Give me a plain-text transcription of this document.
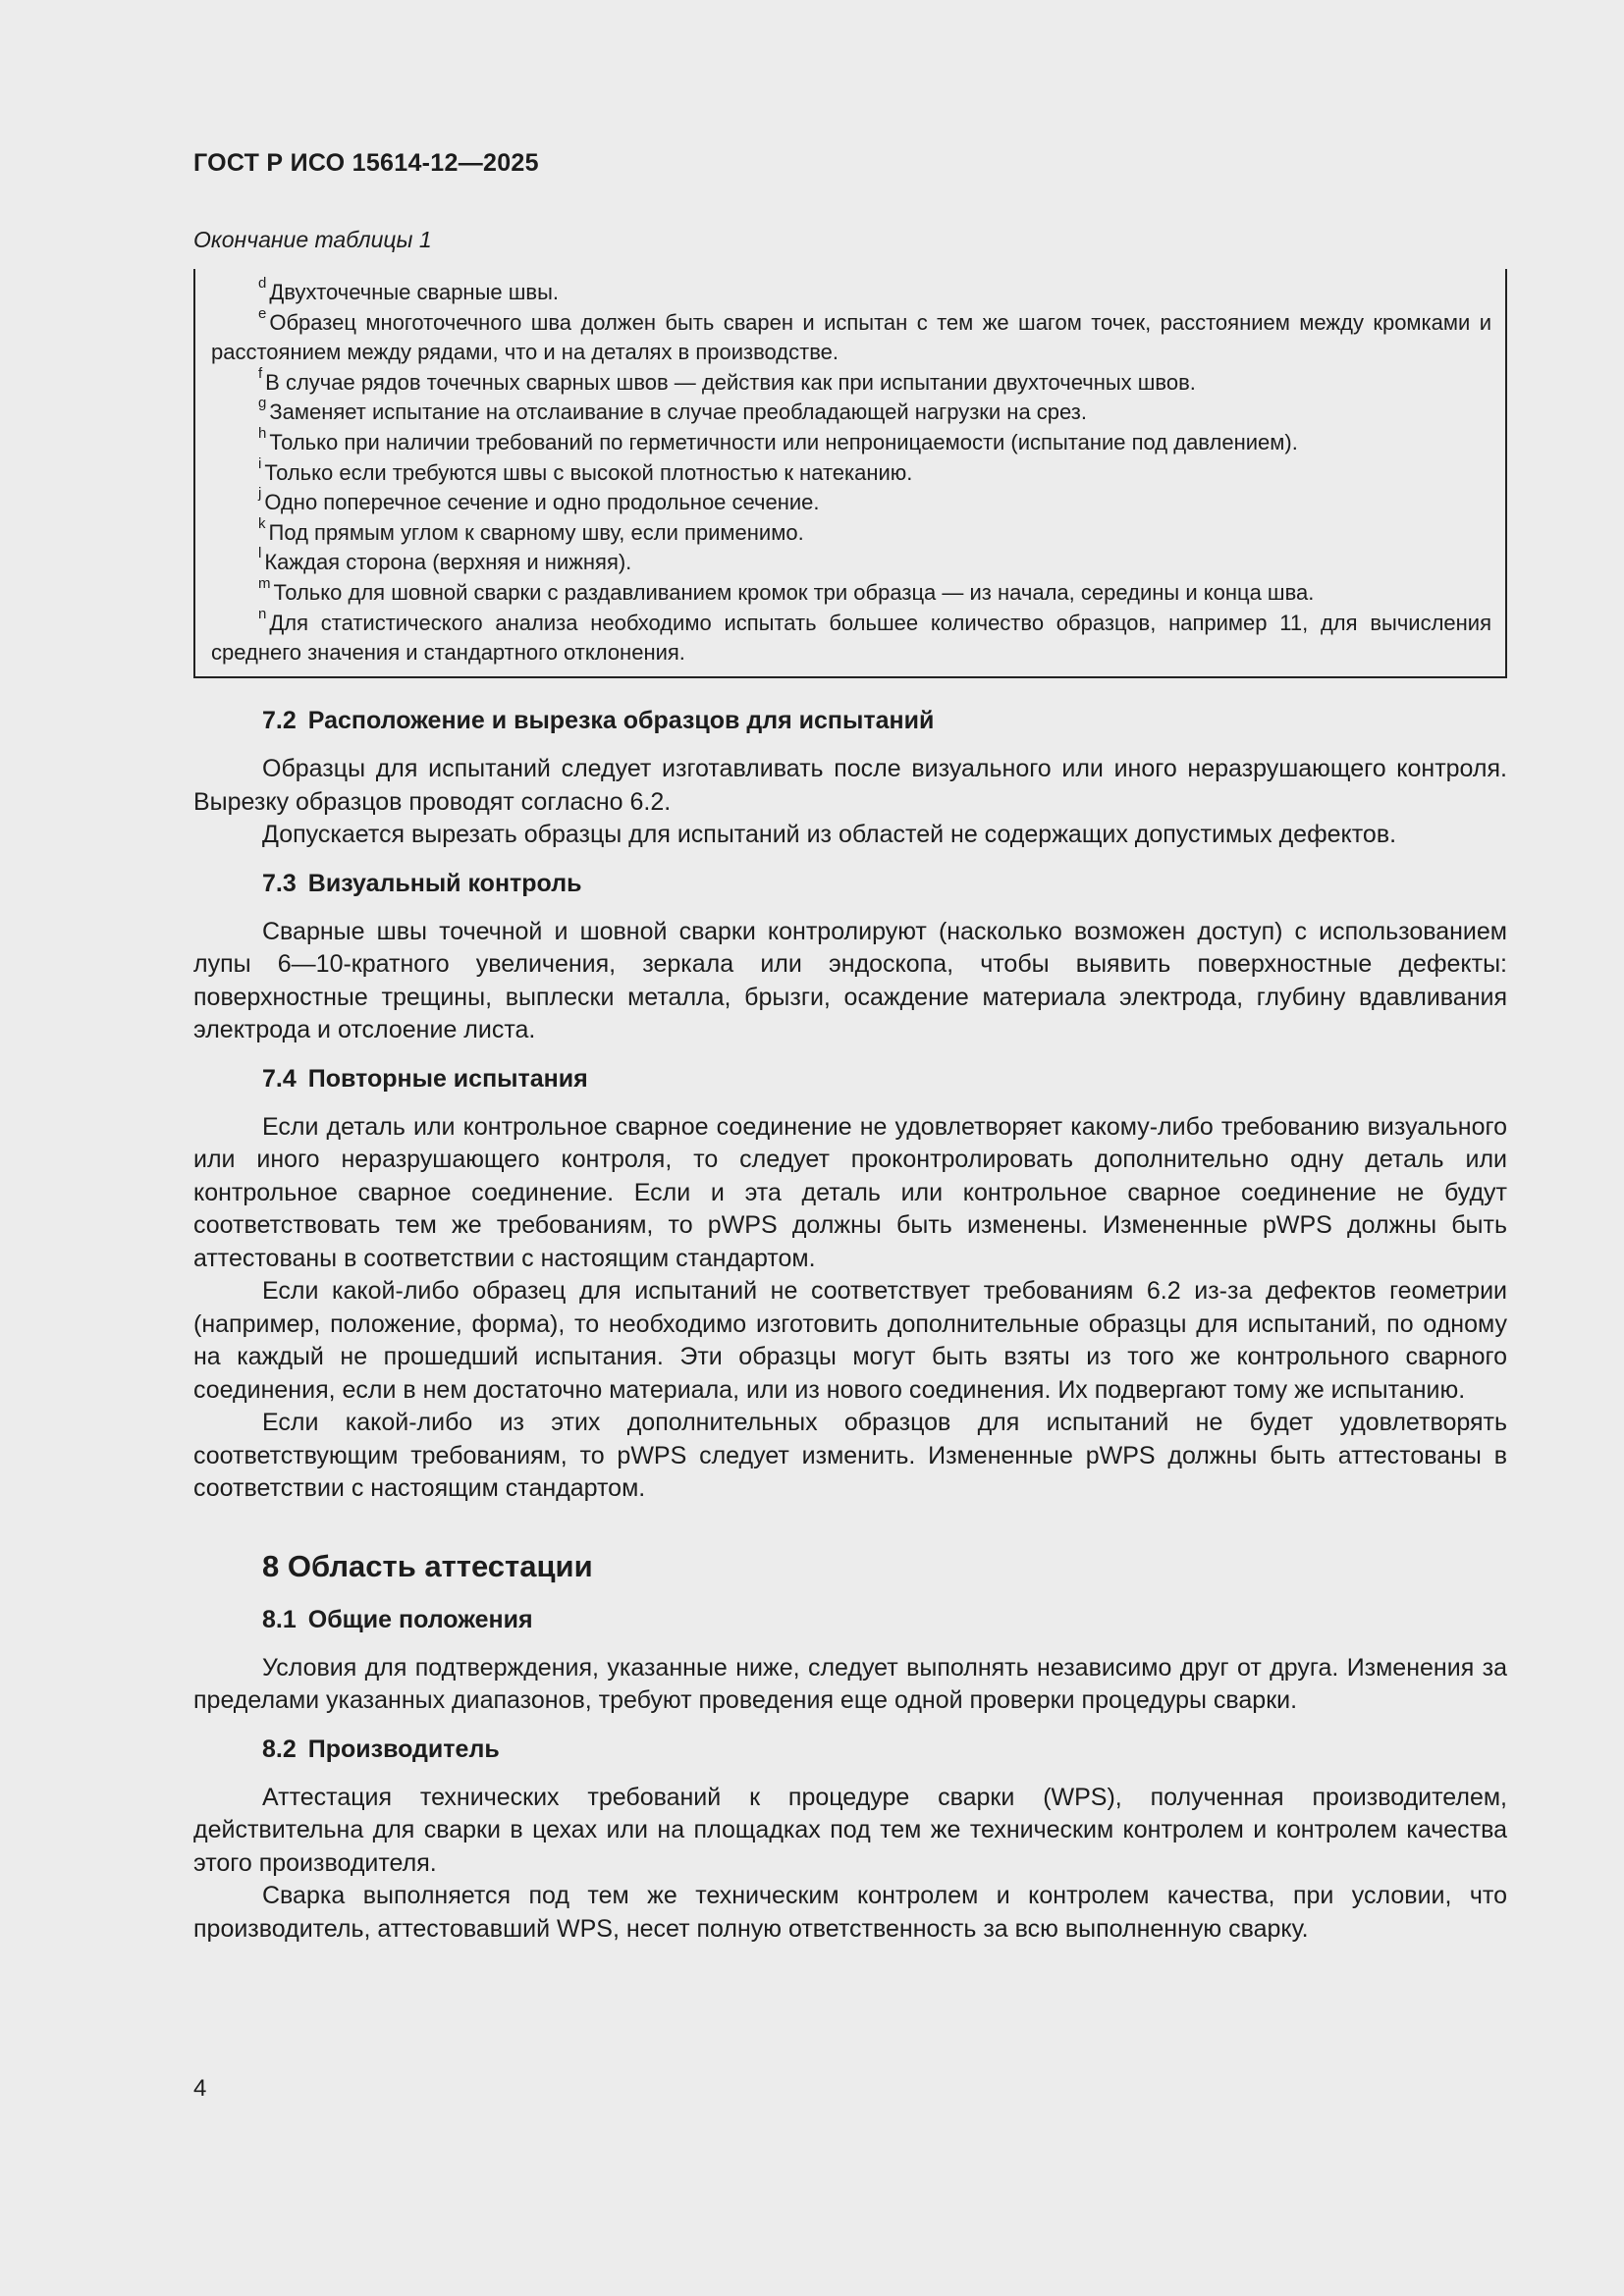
ГОСТ Р ИСО 15614-12—2025
Окончание таблицы 1

$^d$ Двухточечные сварные швы.

$^e$ Образец многоточечного шва должен быть сварен и испытан с тем же шагом точек, расстоянием между кромками и расстоянием между рядами, что и на деталях в производстве.

$^f$ В случае рядов точечных сварных швов — действия как при испытании двухточечных швов.

$^g$ Заменяет испытание на отслаивание в случае преобладающей нагрузки на срез.

$^h$ Только при наличии требований по герметичности или непроницаемости (испытание под давлением).

$^i$ Только если требуются швы с высокой плотностью к натеканию.

$^j$ Одно поперечное сечение и одно продольное сечение.

$^k$ Под прямым углом к сварному шву, если применимо.

$^l$ Каждая сторона (верхняя и нижняя).

$^m$ Только для шовной сварки с раздавливанием кромок три образца — из начала, середины и конца шва.

$^n$ Для статистического анализа необходимо испытать большее количество образцов, например 11, для вычисления среднего значения и стандартного отклонения.

7.2 Расположение и вырезка образцов для испытаний

Образцы для испытаний следует изготавливать после визуального или иного неразрушающего контроля. Вырезку образцов проводят согласно 6.2.

Допускается вырезать образцы для испытаний из областей не содержащих допустимых дефектов.

7.3 Визуальный контроль

Сварные швы точечной и шовной сварки контролируют (насколько возможен доступ) с использованием лупы 6—10-кратного увеличения, зеркала или эндоскопа, чтобы выявить поверхностные дефекты: поверхностные трещины, выплески металла, брызги, осаждение материала электрода, глубину вдавливания электрода и отслоение листа.

7.4 Повторные испытания

Если деталь или контрольное сварное соединение не удовлетворяет какому-либо требованию визуального или иного неразрушающего контроля, то следует проконтролировать дополнительно одну деталь или контрольное сварное соединение. Если и эта деталь или контрольное сварное соединение не будут соответствовать тем же требованиям, то pWPS должны быть изменены. Измененные pWPS должны быть аттестованы в соответствии с настоящим стандартом.

Если какой-либо образец для испытаний не соответствует требованиям 6.2 из-за дефектов геометрии (например, положение, форма), то необходимо изготовить дополнительные образцы для испытаний, по одному на каждый не прошедший испытания. Эти образцы могут быть взяты из того же контрольного сварного соединения, если в нем достаточно материала, или из нового соединения. Их подвергают тому же испытанию.

Если какой-либо из этих дополнительных образцов для испытаний не будет удовлетворять соответствующим требованиям, то pWPS следует изменить. Измененные pWPS должны быть аттестованы в соответствии с настоящим стандартом.

8 Область аттестации
8.1 Общие положения

Условия для подтверждения, указанные ниже, следует выполнять независимо друг от друга. Изменения за пределами указанных диапазонов, требуют проведения еще одной проверки процедуры сварки.

8.2 Производитель

Аттестация технических требований к процедуре сварки (WPS), полученная производителем, действительна для сварки в цехах или на площадках под тем же техническим контролем и контролем качества этого производителя.

Сварка выполняется под тем же техническим контролем и контролем качества, при условии, что производитель, аттестовавший WPS, несет полную ответственность за всю выполненную сварку.

4
